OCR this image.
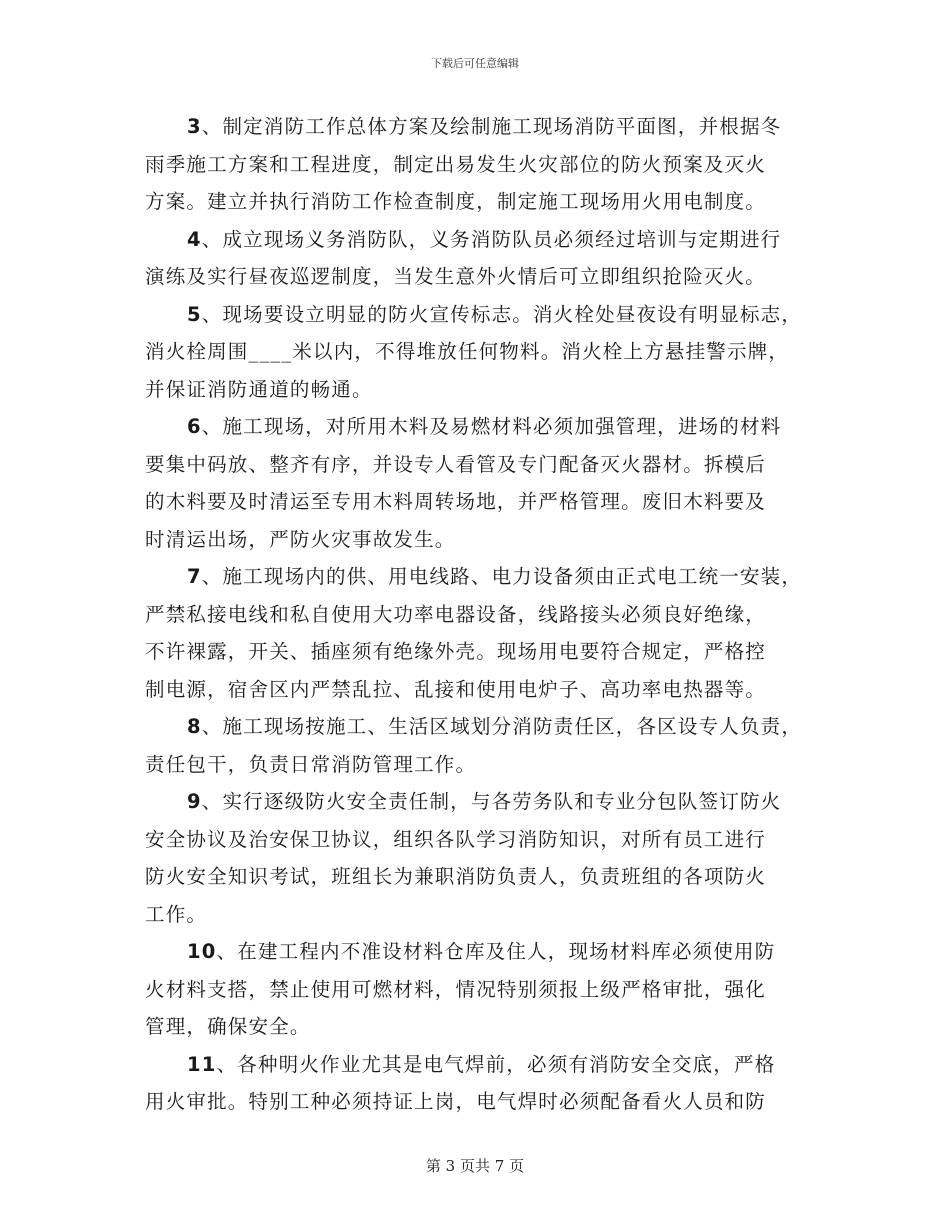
下载后可任意编辑
3、制定消防工作总体方案及绘制施工现场消防平面图，并根据冬
雨季施工方案和工程进度，制定出易发生火灾部位的防火预案及灭火
方案。建立并执行消防工作检查制度，制定施工现场用火用电制度。
4、成立现场义务消防队，义务消防队员必须经过培训与定期进行
演练及实行昼夜巡逻制度，当发生意外火情后可立即组织抢险灭火。
5、现场要设立明显的防火宣传标志。消火栓处昼夜设有明显标志，
消火栓周围____米以内，不得堆放任何物料。消火栓上方悬挂警示牌，
并保证消防通道的畅通。
6、施工现场，对所用木料及易燃材料必须加强管理，进场的材料
要集中码放、整齐有序，并设专人看管及专门配备灭火器材。拆模后
的木料要及时清运至专用木料周转场地，并严格管理。废旧木料要及
时清运出场，严防火灾事故发生。
7、施工现场内的供、用电线路、电力设备须由正式电工统一安装，
严禁私接电线和私自使用大功率电器设备，线路接头必须良好绝缘，
不许裸露，开关、插座须有绝缘外壳。现场用电要符合规定，严格控
制电源，宿舍区内严禁乱拉、乱接和使用电炉子、高功率电热器等。
8、施工现场按施工、生活区域划分消防责任区，各区设专人负责，
责任包干，负责日常消防管理工作。
9、实行逐级防火安全责任制，与各劳务队和专业分包队签订防火
安全协议及治安保卫协议，组织各队学习消防知识，对所有员工进行
防火安全知识考试，班组长为兼职消防负责人，负责班组的各项防火
工作。
10、在建工程内不准设材料仓库及住人，现场材料库必须使用防
火材料支搭，禁止使用可燃材料，情况特别须报上级严格审批，强化
管理，确保安全。
11、各种明火作业尤其是电气焊前，必须有消防安全交底，严格
用火审批。特别工种必须持证上岗，电气焊时必须配备看火人员和防
第 3 页共 7 页
